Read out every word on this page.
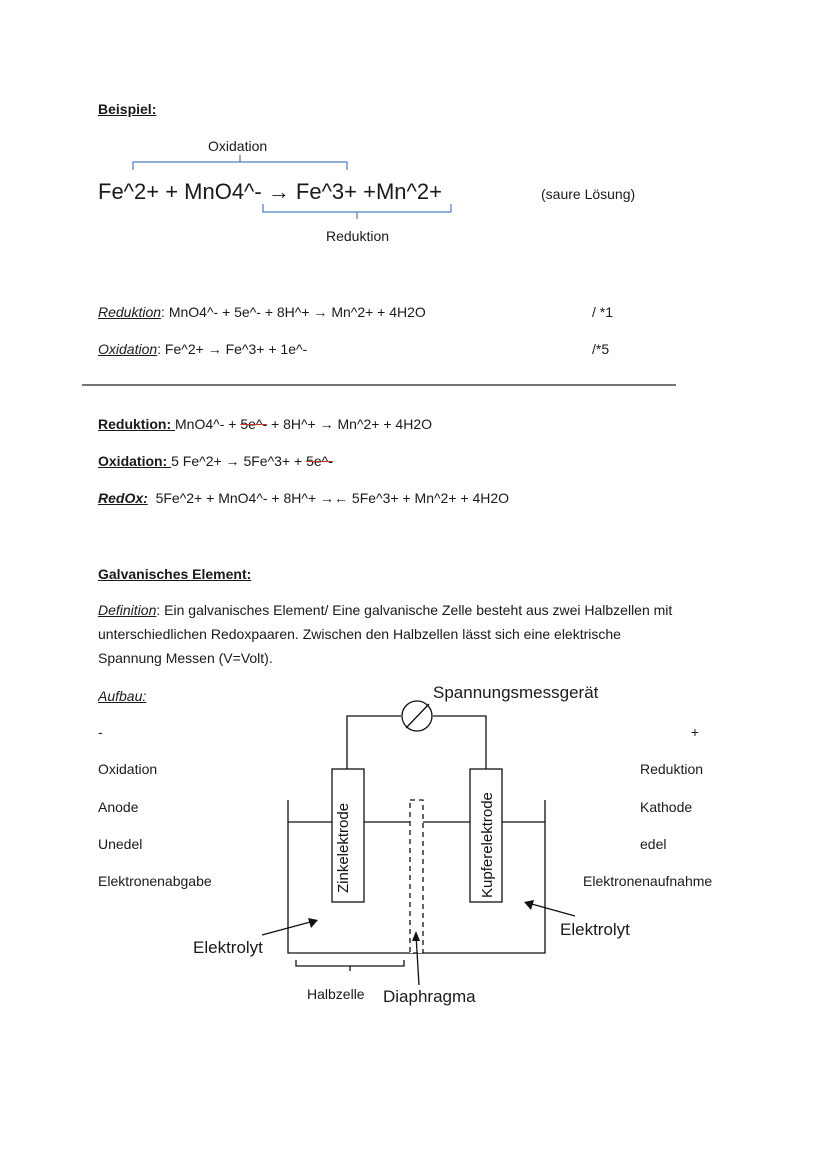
Beispiel:
Oxidation
Fe^2+ + MnO4^- → Fe^3+ +Mn^2+	(saure Lösung)
Reduktion
Reduktion: MnO4^- + 5e^- + 8H^+ → Mn^2+ + 4H2O	/ *1
Oxidation: Fe^2+ → Fe^3+ + 1e^-	/*5
Reduktion: MnO4^- + 5e^- + 8H^+ → Mn^2+ + 4H2O
Oxidation: 5 Fe^2+ → 5Fe^3+ + 5e^-
RedOx: 5Fe^2+ + MnO4^- + 8H^+ →← 5Fe^3+ + Mn^2+ + 4H2O
Galvanisches Element:
Definition: Ein galvanisches Element/ Eine galvanische Zelle besteht aus zwei Halbzellen mit
unterschiedlichen Redoxpaaren. Zwischen den Halbzellen lässt sich eine elektrische
Spannung Messen (V=Volt).
Aufbau:
-
Oxidation
Anode
Unedel
Elektronenabgabe
+
Reduktion
Kathode
edel
Elektronenaufnahme
Zinkelektrode	Kupferelektrode
Spannungsmessgerät
Elektrolyt
Elektrolyt
Halbzelle Diaphragma
